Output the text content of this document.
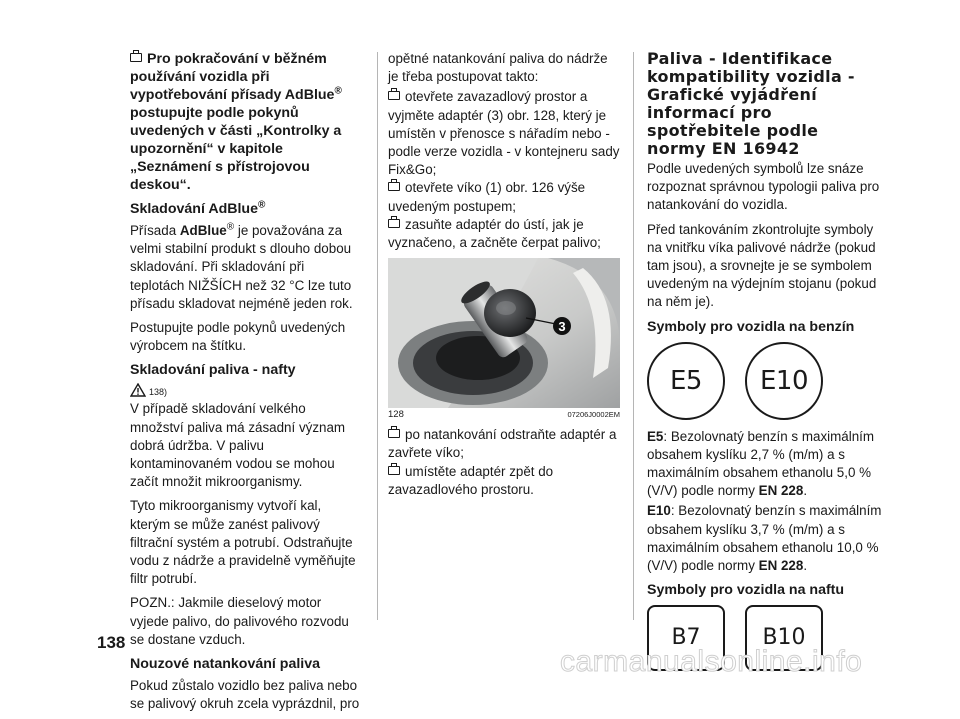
Pro pokračování v běžném používání vozidla při vypotřebování přísady AdBlue® postupujte podle pokynů uvedených v části „Kontrolky a upozornění“ v kapitole „Seznámení s přístrojovou deskou“.

Skladování AdBlue®

Přísada AdBlue® je považována za velmi stabilní produkt s dlouho dobou skladování. Při skladování při teplotách NIŽŠÍCH než 32 °C lze tuto přísadu skladovat nejméně jeden rok.

Postupujte podle pokynů uvedených výrobcem na štítku.

Skladování paliva - nafty
138)

V případě skladování velkého množství paliva má zásadní význam dobrá údržba. V palivu kontaminovaném vodou se mohou začít množit mikroorganismy.

Tyto mikroorganismy vytvoří kal, kterým se může zanést palivový filtrační systém a potrubí. Odstraňujte vodu z nádrže a pravidelně vyměňujte filtr potrubí.

POZN.: Jakmile dieselový motor vyjede palivo, do palivového rozvodu se dostane vzduch.

Nouzové natankování paliva

Pokud zůstalo vozidlo bez paliva nebo se palivový okruh zcela vyprázdnil, pro

opětné natankování paliva do nádrže je třeba postupovat takto:

otevřete zavazadlový prostor a vyjměte adaptér (3) obr. 128, který je umístěn v přenosce s nářadím nebo - podle verze vozidla - v kontejneru sady Fix&Go;

otevřete víko (1) obr. 126 výše uvedeným postupem;

zasuňte adaptér do ústí, jak je vyznačeno, a začněte čerpat palivo;

3
128	07206J0002EM

po natankování odstraňte adaptér a zavřete víko;

umístěte adaptér zpět do zavazadlového prostoru.

Paliva - Identifikace kompatibility vozidla - Grafické vyjádření informací pro spotřebitele podle normy EN 16942

Podle uvedených symbolů lze snáze rozpoznat správnou typologii paliva pro natankování do vozidla.

Před tankováním zkontrolujte symboly na vnitřku víka palivové nádrže (pokud tam jsou), a srovnejte je se symbolem uvedeným na výdejním stojanu (pokud na něm je).

Symboly pro vozidla na benzín
E5	E10

E5: Bezolovnatý benzín s maximálním obsahem kyslíku 2,7 % (m/m) a s maximálním obsahem ethanolu 5,0 % (V/V) podle normy EN 228.

E10: Bezolovnatý benzín s maximálním obsahem kyslíku 3,7 % (m/m) a s maximálním obsahem ethanolu 10,0 % (V/V) podle normy EN 228.

Symboly pro vozidla na naftu
B7	B10
138
carmanualsonline.info
